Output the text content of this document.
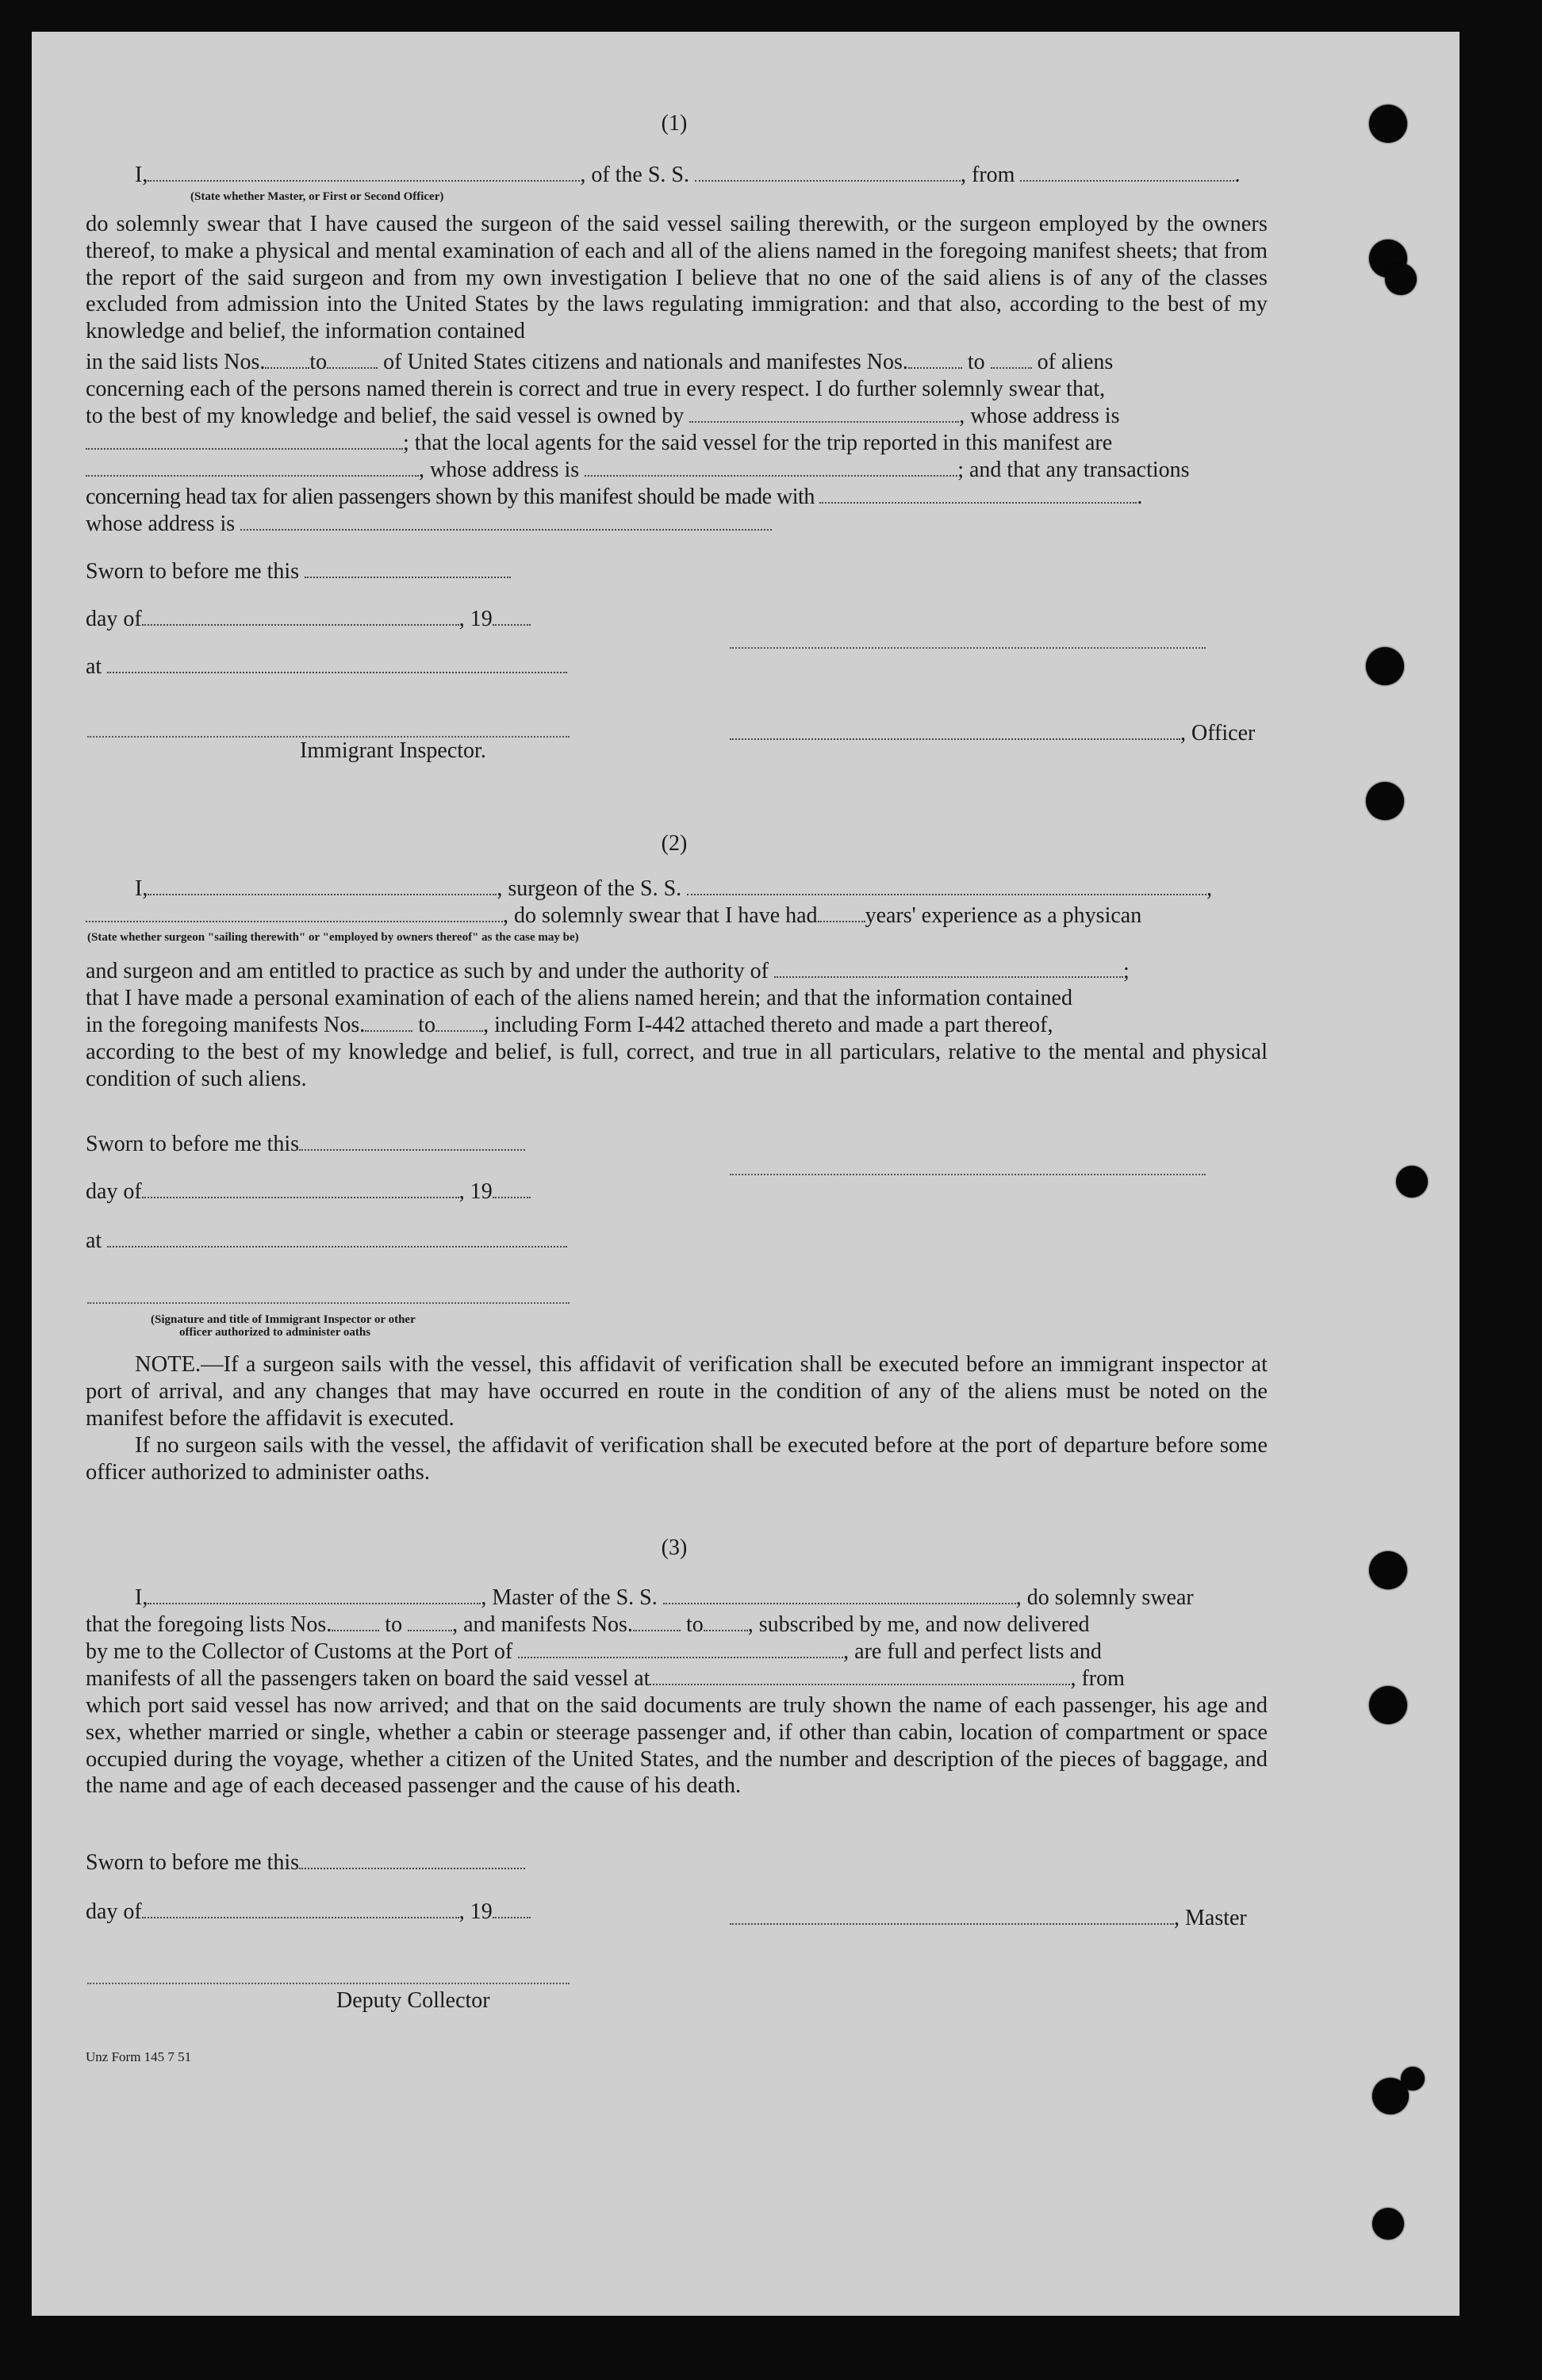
(1)
I,	, of the S. S.	, from	.
(State whether Master, or First or Second Officer)
do solemnly swear that I have caused the surgeon of the said vessel sailing therewith, or the surgeon employed by the owners thereof, to make a physical and mental examination of each and all of the aliens named in the foregoing manifest sheets; that from the report of the said surgeon and from my own investigation I believe that no one of the said aliens is of any of the classes excluded from admission into the United States by the laws regulating immigration: and that also, according to the best of my knowledge and belief, the information contained
in the said lists Nos. to	of United States citizens and nationals and manifestes Nos.	to of aliens
concerning each of the persons named therein is correct and true in every respect. I do further solemnly swear that,
to the best of my knowledge and belief, the said vessel is owned by	, whose address is
; that the local agents for the said vessel for the trip reported in this manifest are
, whose address is	; and that any transactions
concerning head tax for alien passengers shown by this manifest should be made with	.
whose address is
Sworn to before me this
day of	, 19
at
, Officer
Immigrant Inspector.
(2)
I,	, surgeon of the S. S.	,
, do solemnly swear that I have had years' experience as a physican
(State whether surgeon "sailing therewith" or "employed by owners thereof" as the case may be)
and surgeon and am entitled to practice as such by and under the authority of	;
that I have made a personal examination of each of the aliens named herein; and that the information contained
in the foregoing manifests Nos. to , including Form I-442 attached thereto and made a part thereof,
according to the best of my knowledge and belief, is full, correct, and true in all particulars, relative to the mental and physical condition of such aliens.
Sworn to before me this
day of	, 19
at
(Signature and title of Immigrant Inspector or other
officer authorized to administer oaths
NOTE.—If a surgeon sails with the vessel, this affidavit of verification shall be executed before an immigrant inspector at port of arrival, and any changes that may have occurred en route in the condition of any of the aliens must be noted on the manifest before the affidavit is executed.
If no surgeon sails with the vessel, the affidavit of verification shall be executed before at the port of departure before some officer authorized to administer oaths.
(3)
I,	, Master of the S. S.	, do solemnly swear
that the foregoing lists Nos. to , and manifests Nos. to , subscribed by me, and now delivered
by me to the Collector of Customs at the Port of	, are full and perfect lists and
manifests of all the passengers taken on board the said vessel at	, from
which port said vessel has now arrived; and that on the said documents are truly shown the name of each passenger, his age and sex, whether married or single, whether a cabin or steerage passenger and, if other than cabin, location of compartment or space occupied during the voyage, whether a citizen of the United States, and the number and description of the pieces of baggage, and the name and age of each deceased passenger and the cause of his death.
Sworn to before me this
day of	, 19	, Master
Deputy Collector
Unz Form 145 7 51
